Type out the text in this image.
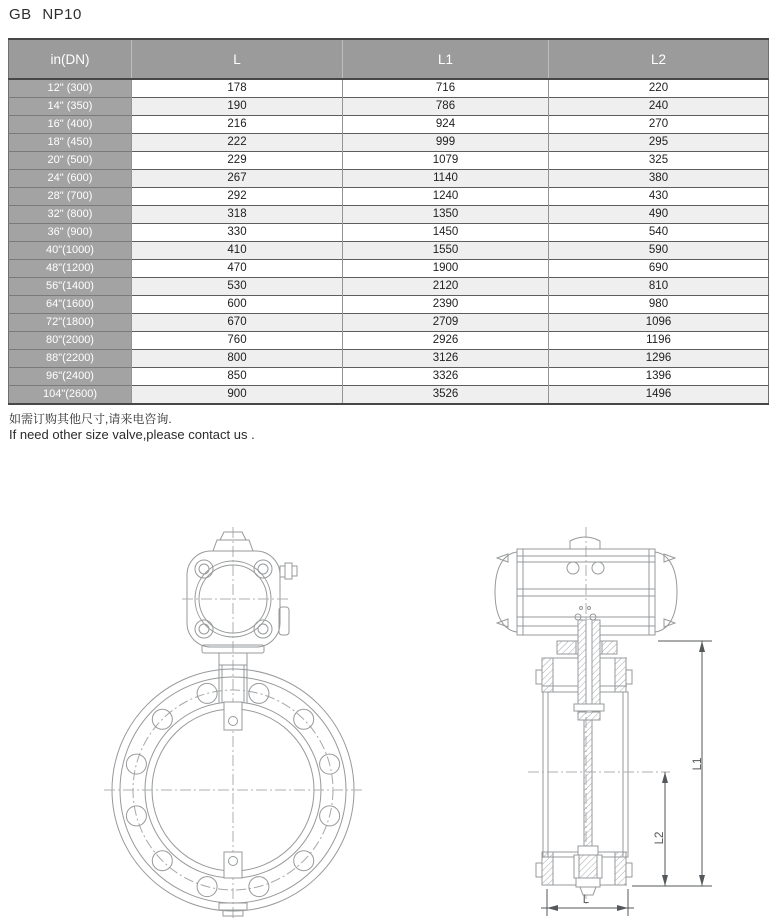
GB NP10
in(DN)	L	L1	L2
12" (300)	178	716	220
14" (350)	190	786	240
16" (400)	216	924	270
18" (450)	222	999	295
20" (500)	229	1079	325
24" (600)	267	1140	380
28" (700)	292	1240	430
32" (800)	318	1350	490
36" (900)	330	1450	540
40"(1000)	410	1550	590
48"(1200)	470	1900	690
56"(1400)	530	2120	810
64"(1600)	600	2390	980
72"(1800)	670	2709	1096
80"(2000)	760	2926	1196
88"(2200)	800	3126	1296
96"(2400)	850	3326	1396
104"(2600)	900	3526	1496
如需订购其他尺寸,请来电咨询.
If need other size valve,please contact us .
L1
L2
L
